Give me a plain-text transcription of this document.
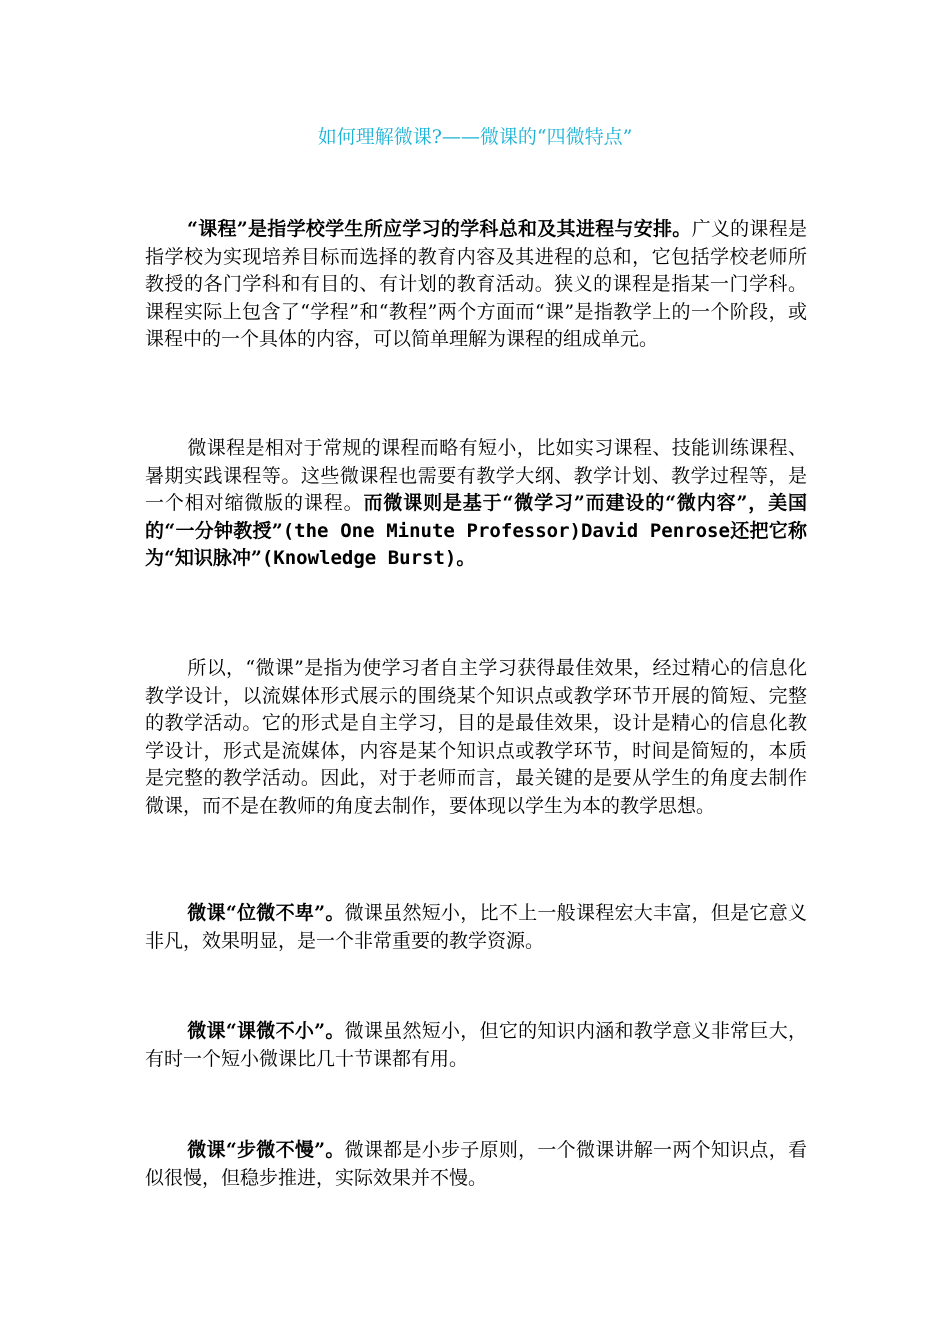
如何理解微课?——微课的“四微特点”

“课程”是指学校学生所应学习的学科总和及其进程与安排。广义的课程是指学校为实现培养目标而选择的教育内容及其进程的总和，它包括学校老师所教授的各门学科和有目的、有计划的教育活动。狭义的课程是指某一门学科。课程实际上包含了“学程”和“教程”两个方面而“课”是指教学上的一个阶段，或课程中的一个具体的内容，可以简单理解为课程的组成单元。

微课程是相对于常规的课程而略有短小，比如实习课程、技能训练课程、暑期实践课程等。这些微课程也需要有教学大纲、教学计划、教学过程等，是一个相对缩微版的课程。而微课则是基于“微学习”而建设的“微内容”，美国的“一分钟教授”(the One Minute Professor)David Penrose还把它称为“知识脉冲”(Knowledge Burst)。

所以，“微课”是指为使学习者自主学习获得最佳效果，经过精心的信息化教学设计，以流媒体形式展示的围绕某个知识点或教学环节开展的简短、完整的教学活动。它的形式是自主学习，目的是最佳效果，设计是精心的信息化教学设计，形式是流媒体，内容是某个知识点或教学环节，时间是简短的，本质是完整的教学活动。因此，对于老师而言，最关键的是要从学生的角度去制作微课，而不是在教师的角度去制作，要体现以学生为本的教学思想。

微课“位微不卑”。微课虽然短小，比不上一般课程宏大丰富，但是它意义非凡，效果明显，是一个非常重要的教学资源。

微课“课微不小”。微课虽然短小，但它的知识内涵和教学意义非常巨大，有时一个短小微课比几十节课都有用。

微课“步微不慢”。微课都是小步子原则，一个微课讲解一两个知识点，看似很慢，但稳步推进，实际效果并不慢。
